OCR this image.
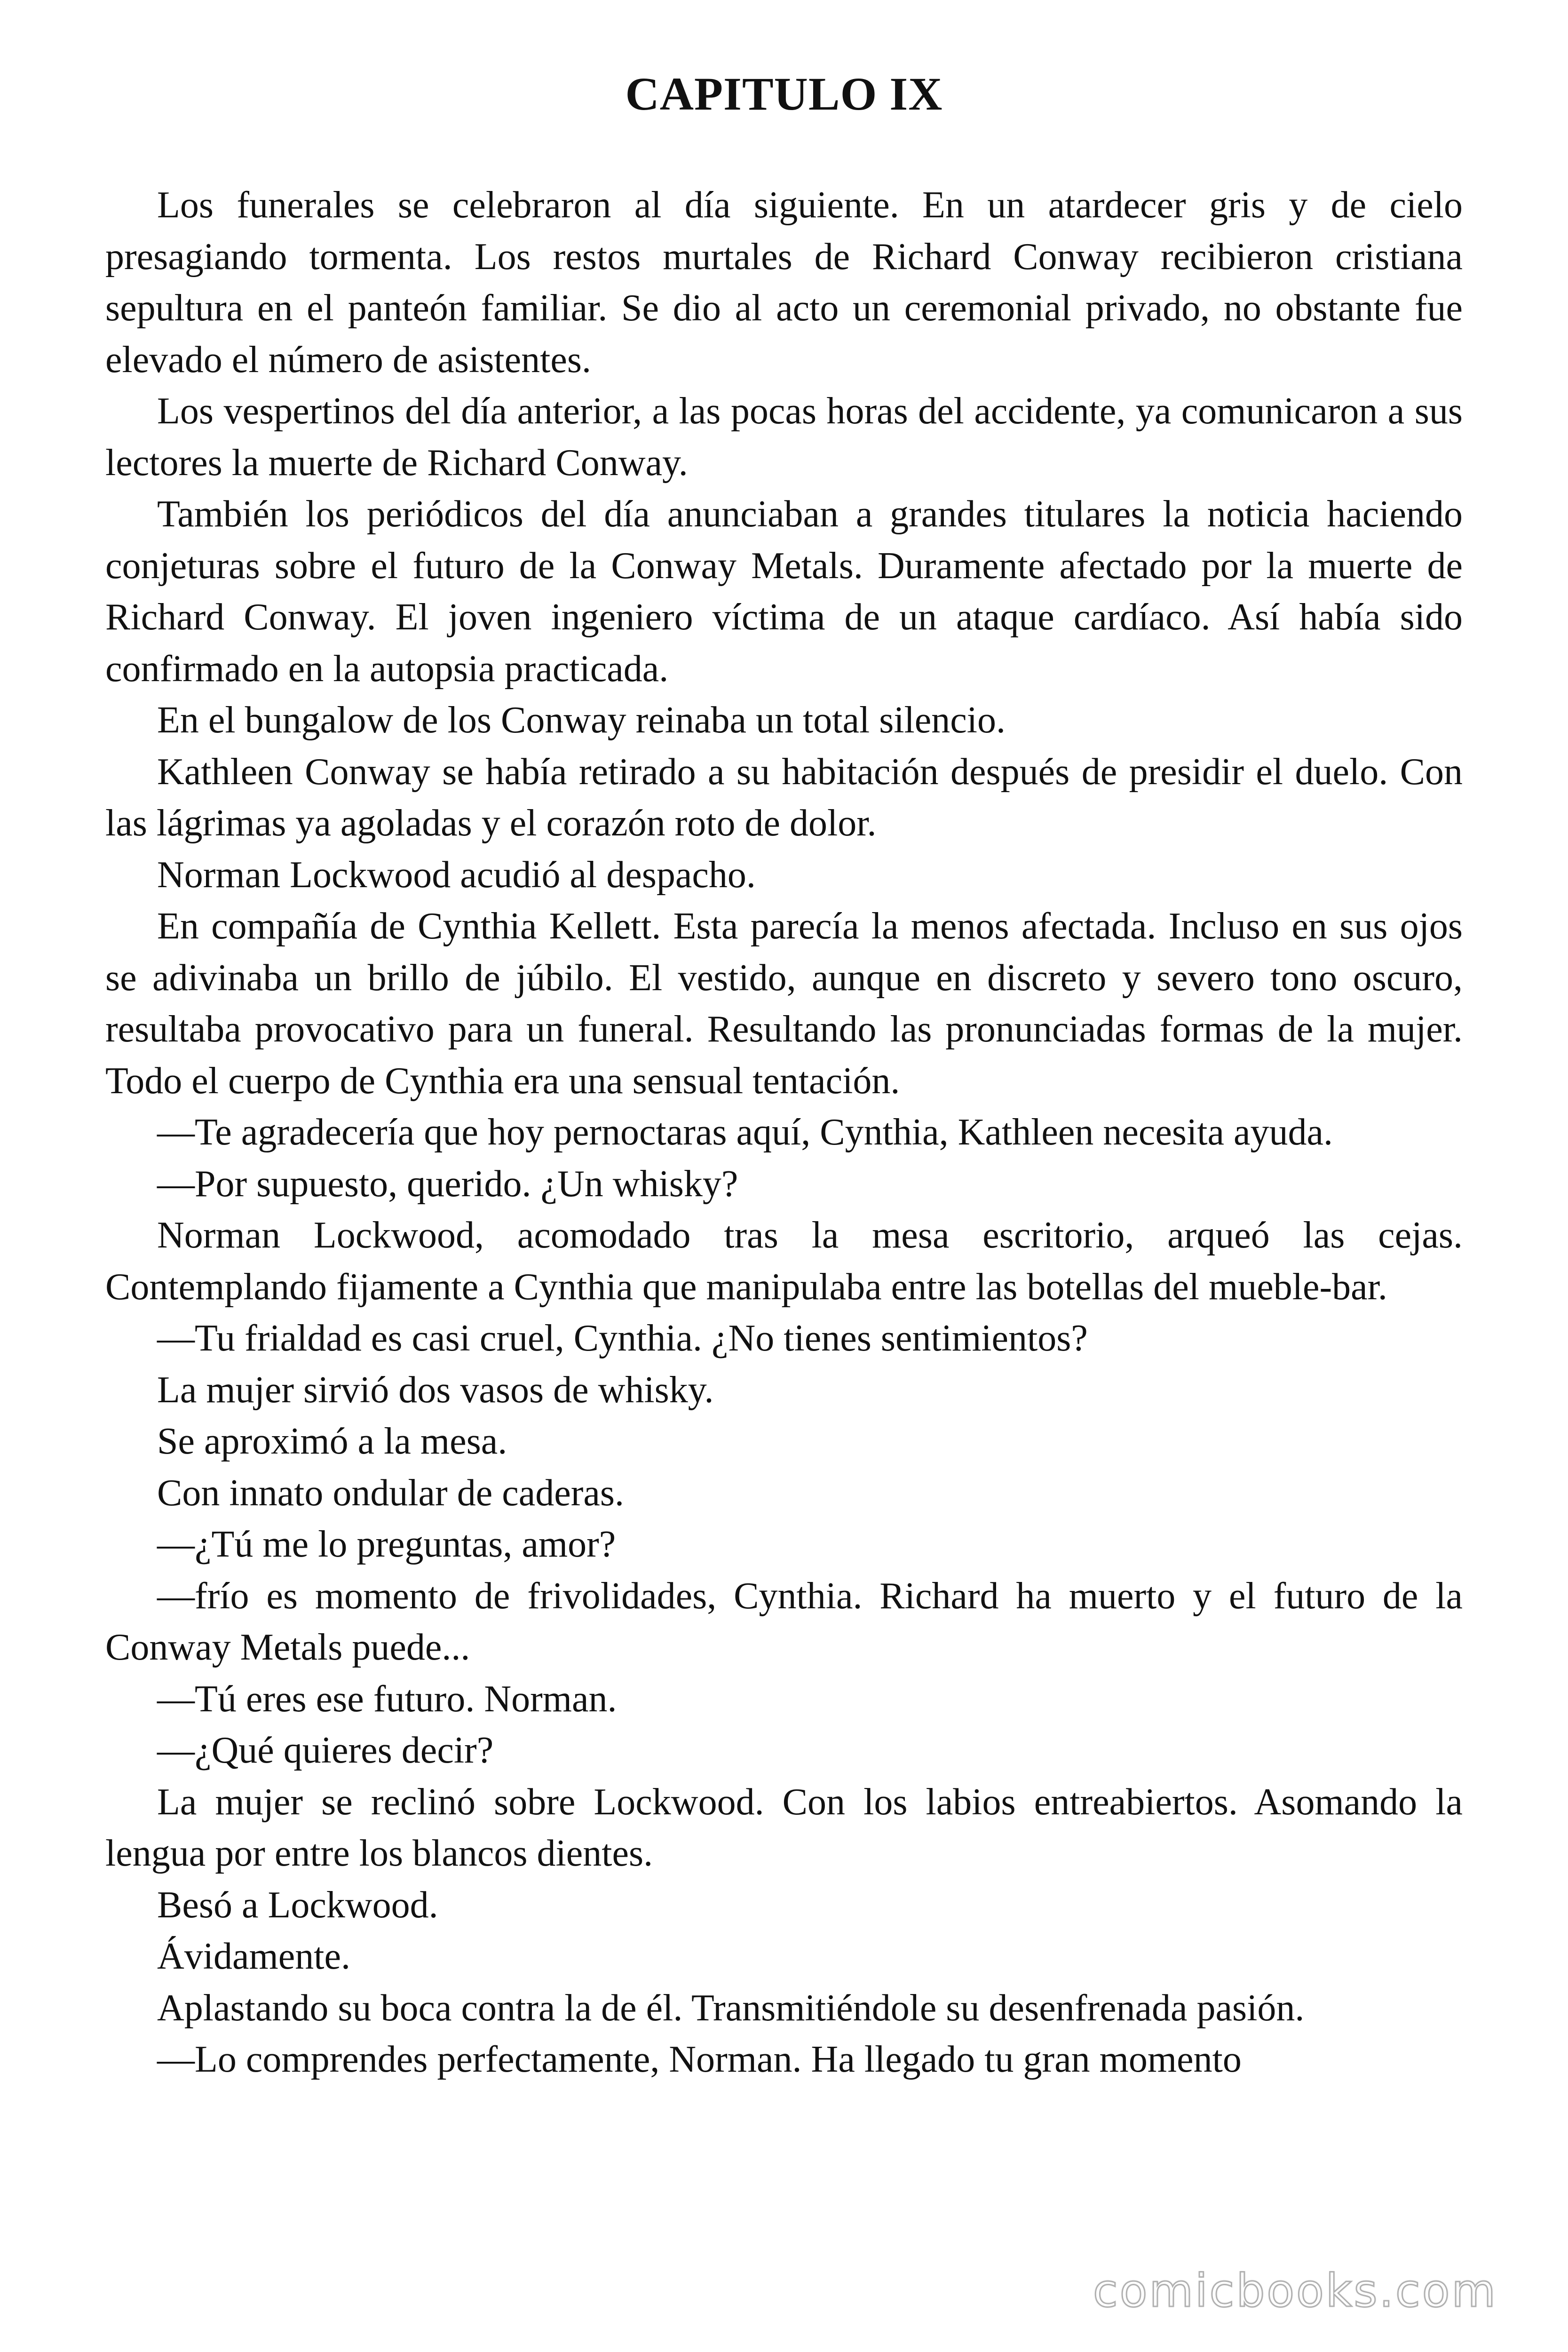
CAPITULO IX

Los funerales se celebraron al día siguiente. En un atardecer gris y de cielo presagiando tormenta. Los restos murtales de Richard Conway recibieron cristiana sepultura en el panteón familiar. Se dio al acto un ceremonial privado, no obstante fue elevado el número de asistentes.

Los vespertinos del día anterior, a las pocas horas del accidente, ya comunicaron a sus lectores la muerte de Richard Conway.

También los periódicos del día anunciaban a grandes titulares la noticia haciendo conjeturas sobre el futuro de la Conway Metals. Duramente afectado por la muerte de Richard Conway. El joven ingeniero víctima de un ataque cardíaco. Así había sido confirmado en la autopsia practicada.

En el bungalow de los Conway reinaba un total silencio.

Kathleen Conway se había retirado a su habitación después de presidir el duelo. Con las lágrimas ya agoladas y el corazón roto de dolor.

Norman Lockwood acudió al despacho.

En compañía de Cynthia Kellett. Esta parecía la menos afectada. Incluso en sus ojos se adivinaba un brillo de júbilo. El vestido, aunque en discreto y severo tono oscuro, resultaba provocativo para un funeral. Resultando las pronunciadas formas de la mujer. Todo el cuerpo de Cynthia era una sensual tentación.

—Te agradecería que hoy pernoctaras aquí, Cynthia, Kathleen necesita ayuda.

—Por supuesto, querido. ¿Un whisky?

Norman Lockwood, acomodado tras la mesa escritorio, arqueó las cejas. Contemplando fijamente a Cynthia que manipulaba entre las botellas del mueble-bar.

—Tu frialdad es casi cruel, Cynthia. ¿No tienes sentimientos?

La mujer sirvió dos vasos de whisky.

Se aproximó a la mesa.

Con innato ondular de caderas.

—¿Tú me lo preguntas, amor?

—frío es momento de frivolidades, Cynthia. Richard ha muerto y el futuro de la Conway Metals puede...

—Tú eres ese futuro. Norman.

—¿Qué quieres decir?

La mujer se reclinó sobre Lockwood. Con los labios entreabiertos. Asomando la lengua por entre los blancos dientes.

Besó a Lockwood.

Ávidamente.

Aplastando su boca contra la de él. Transmitiéndole su desenfrenada pasión.

—Lo comprendes perfectamente, Norman. Ha llegado tu gran momento

comicbooks.com
